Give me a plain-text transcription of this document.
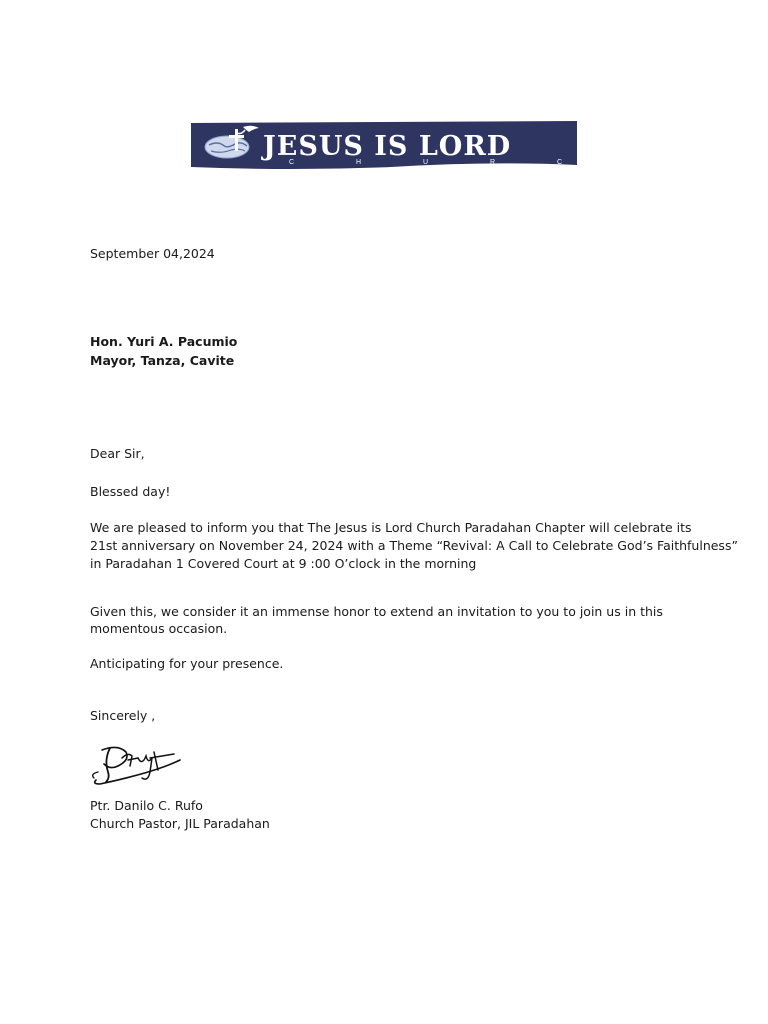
JESUS IS LORD
C H U R C H
September 04,2024
Hon. Yuri A. Pacumio
Mayor, Tanza, Cavite
Dear Sir,
Blessed day!
We are pleased to inform you that The Jesus is Lord Church Paradahan Chapter will celebrate its
21st anniversary on November 24, 2024 with a Theme “Revival: A Call to Celebrate God’s Faithfulness”
in Paradahan 1 Covered Court at 9 :00 O’clock in the morning
Given this, we consider it an immense honor to extend an invitation to you to join us in this momentous occasion.
Anticipating for your presence.
Sincerely ,
Ptr. Danilo C. Rufo
Church Pastor, JIL Paradahan
